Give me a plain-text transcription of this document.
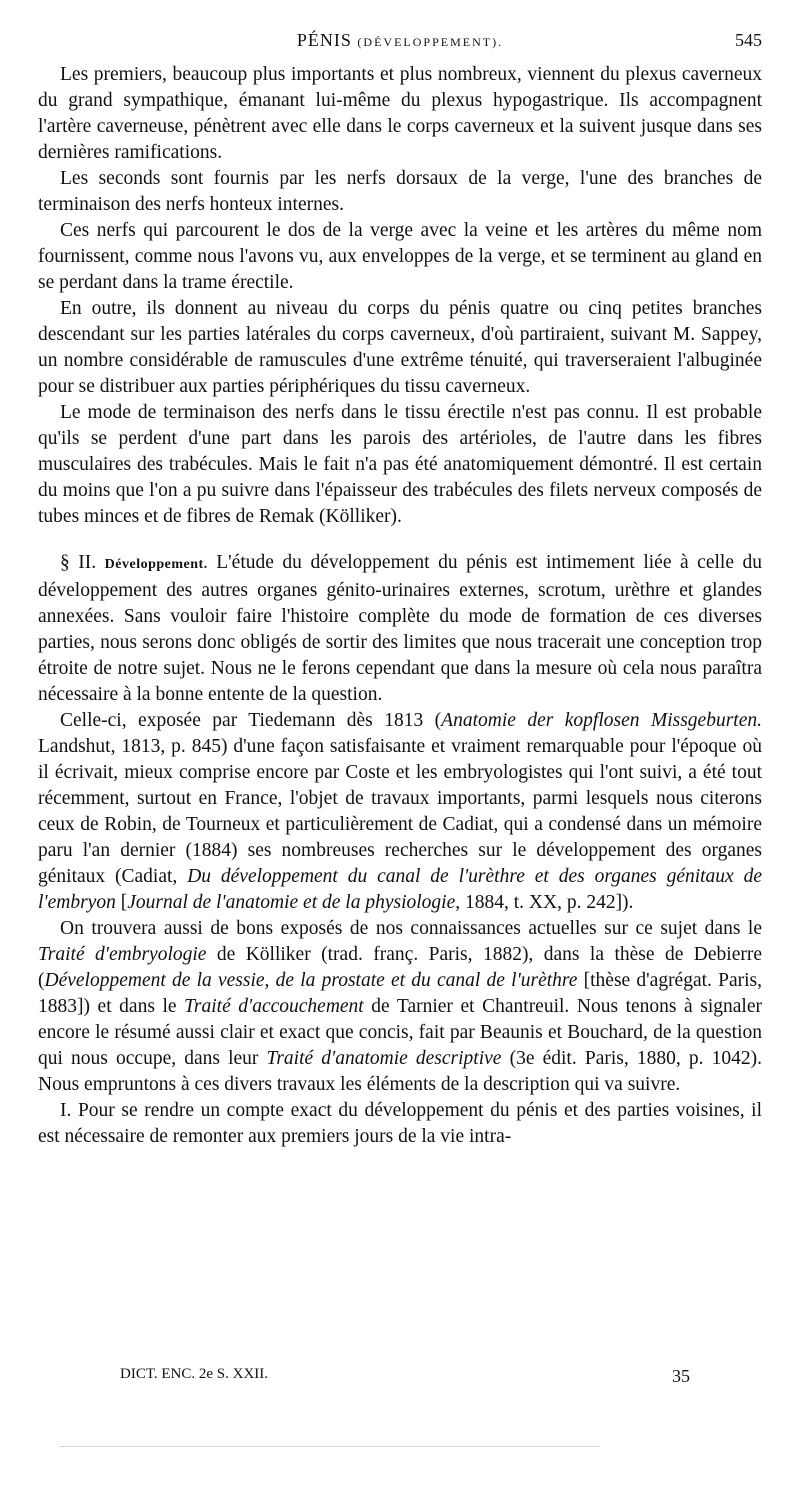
PÉNIS (DÉVELOPPEMENT).	545

Les premiers, beaucoup plus importants et plus nombreux, viennent du plexus caverneux du grand sympathique, émanant lui-même du plexus hypogastrique. Ils accompagnent l'artère caverneuse, pénètrent avec elle dans le corps caverneux et la suivent jusque dans ses dernières ramifications.

Les seconds sont fournis par les nerfs dorsaux de la verge, l'une des branches de terminaison des nerfs honteux internes.

Ces nerfs qui parcourent le dos de la verge avec la veine et les artères du même nom fournissent, comme nous l'avons vu, aux enveloppes de la verge, et se terminent au gland en se perdant dans la trame érectile.

En outre, ils donnent au niveau du corps du pénis quatre ou cinq petites branches descendant sur les parties latérales du corps caverneux, d'où partiraient, suivant M. Sappey, un nombre considérable de ramuscules d'une extrême ténuité, qui traverseraient l'albuginée pour se distribuer aux parties périphériques du tissu caverneux.

Le mode de terminaison des nerfs dans le tissu érectile n'est pas connu. Il est probable qu'ils se perdent d'une part dans les parois des artérioles, de l'autre dans les fibres musculaires des trabécules. Mais le fait n'a pas été anatomiquement démontré. Il est certain du moins que l'on a pu suivre dans l'épaisseur des trabécules des filets nerveux composés de tubes minces et de fibres de Remak (Kölliker).

§ II. Développement. L'étude du développement du pénis est intimement liée à celle du développement des autres organes génito-urinaires externes, scrotum, urèthre et glandes annexées. Sans vouloir faire l'histoire complète du mode de formation de ces diverses parties, nous serons donc obligés de sortir des limites que nous tracerait une conception trop étroite de notre sujet. Nous ne le ferons cependant que dans la mesure où cela nous paraîtra nécessaire à la bonne entente de la question.

Celle-ci, exposée par Tiedemann dès 1813 (Anatomie der kopflosen Missgeburten. Landshut, 1813, p. 845) d'une façon satisfaisante et vraiment remarquable pour l'époque où il écrivait, mieux comprise encore par Coste et les embryologistes qui l'ont suivi, a été tout récemment, surtout en France, l'objet de travaux importants, parmi lesquels nous citerons ceux de Robin, de Tourneux et particulièrement de Cadiat, qui a condensé dans un mémoire paru l'an dernier (1884) ses nombreuses recherches sur le développement des organes génitaux (Cadiat, Du développement du canal de l'urèthre et des organes génitaux de l'embryon [Journal de l'anatomie et de la physiologie, 1884, t. XX, p. 242]).

On trouvera aussi de bons exposés de nos connaissances actuelles sur ce sujet dans le Traité d'embryologie de Kölliker (trad. franç. Paris, 1882), dans la thèse de Debierre (Développement de la vessie, de la prostate et du canal de l'urèthre [thèse d'agrégat. Paris, 1883]) et dans le Traité d'accouchement de Tarnier et Chantreuil. Nous tenons à signaler encore le résumé aussi clair et exact que concis, fait par Beaunis et Bouchard, de la question qui nous occupe, dans leur Traité d'anatomie descriptive (3e édit. Paris, 1880, p. 1042). Nous empruntons à ces divers travaux les éléments de la description qui va suivre.

I. Pour se rendre un compte exact du développement du pénis et des parties voisines, il est nécessaire de remonter aux premiers jours de la vie intra-

DICT. ENC. 2e S. XXII.	35
